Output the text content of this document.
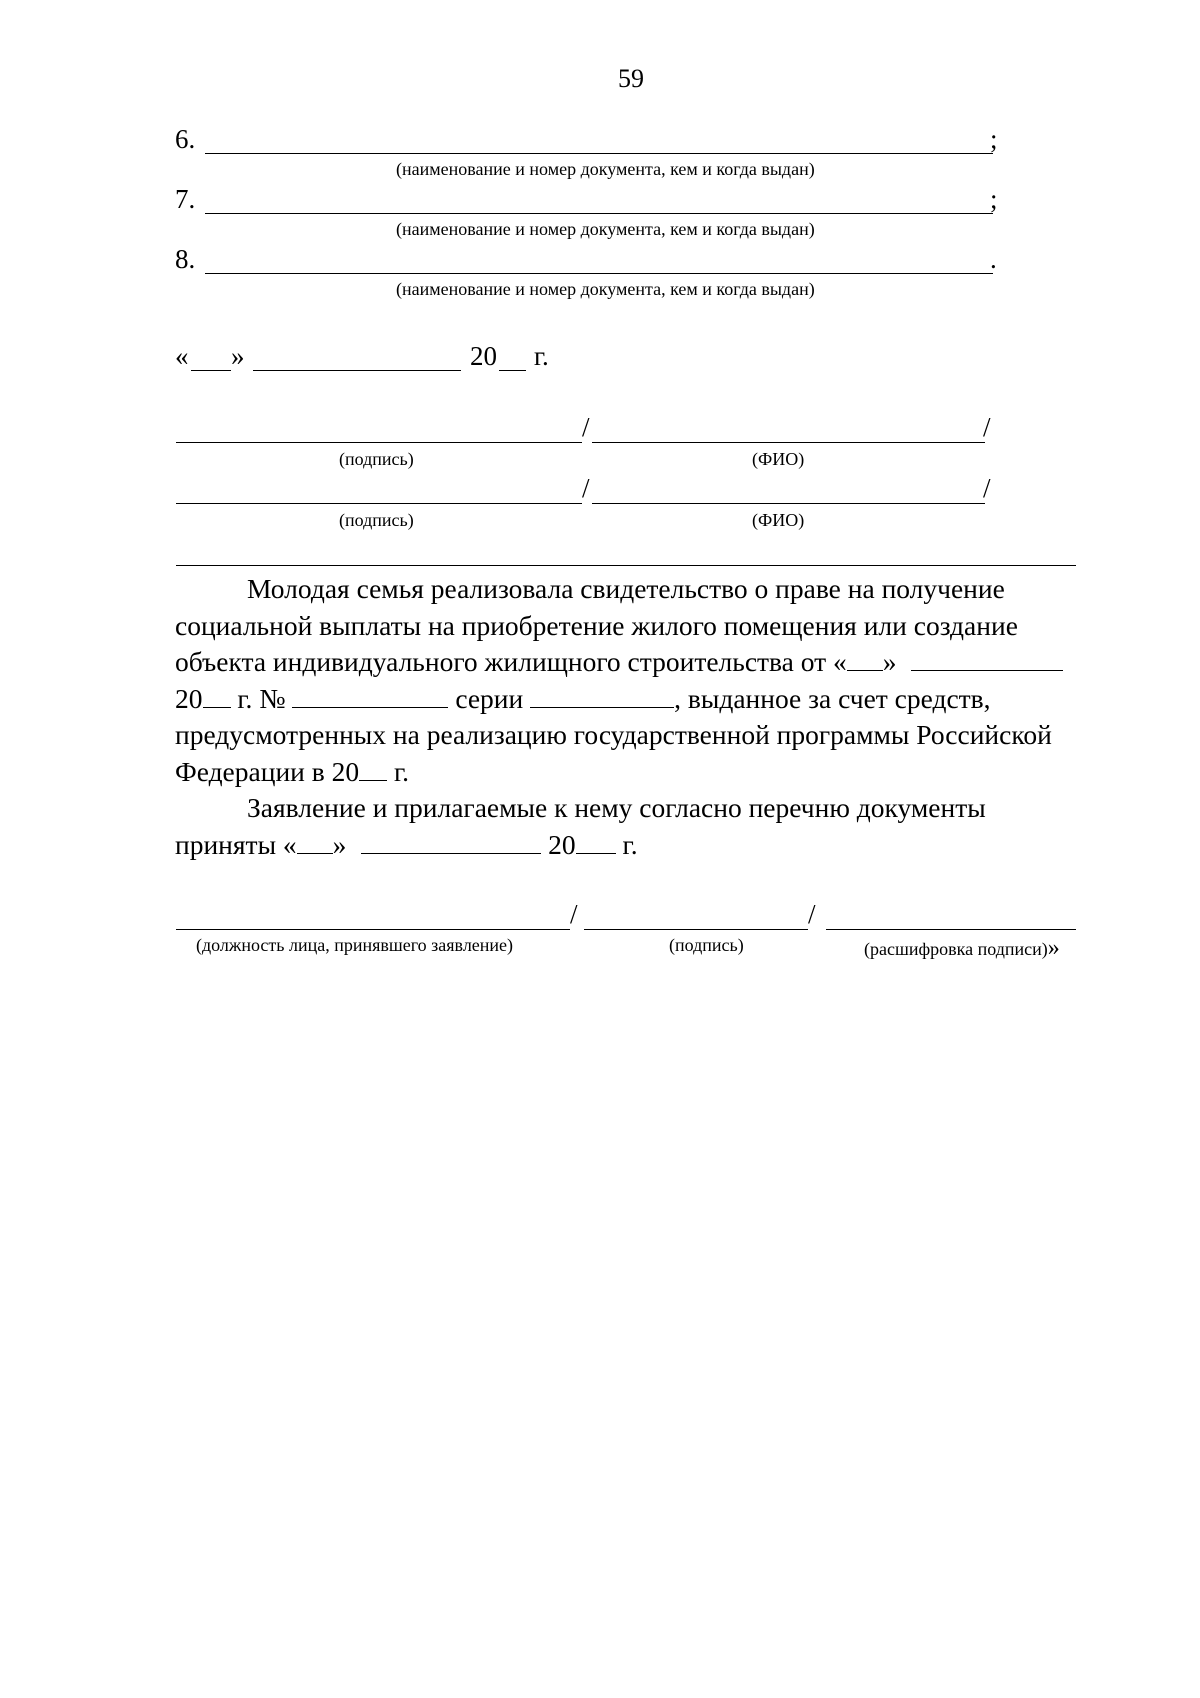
59
6.	;
(наименование и номер документа, кем и когда выдан)
7.	;
(наименование и номер документа, кем и когда выдан)
8.	.
(наименование и номер документа, кем и когда выдан)
« »	20 г.
/	/
(подпись)	(ФИО)
/	/
(подпись)	(ФИО)
Молодая семья реализовала свидетельство о праве на получение
социальной выплаты на приобретение жилого помещения или создание
объекта индивидуального жилищного строительства от « »
20 г. №	серии	, выданное за счет средств,
предусмотренных на реализацию государственной программы Российской
Федерации в 20 г.
Заявление и прилагаемые к нему согласно перечню документы
приняты « »	20 г.
/	/
(должность лица, принявшего заявление)	(подпись)	(расшифровка подписи)»
